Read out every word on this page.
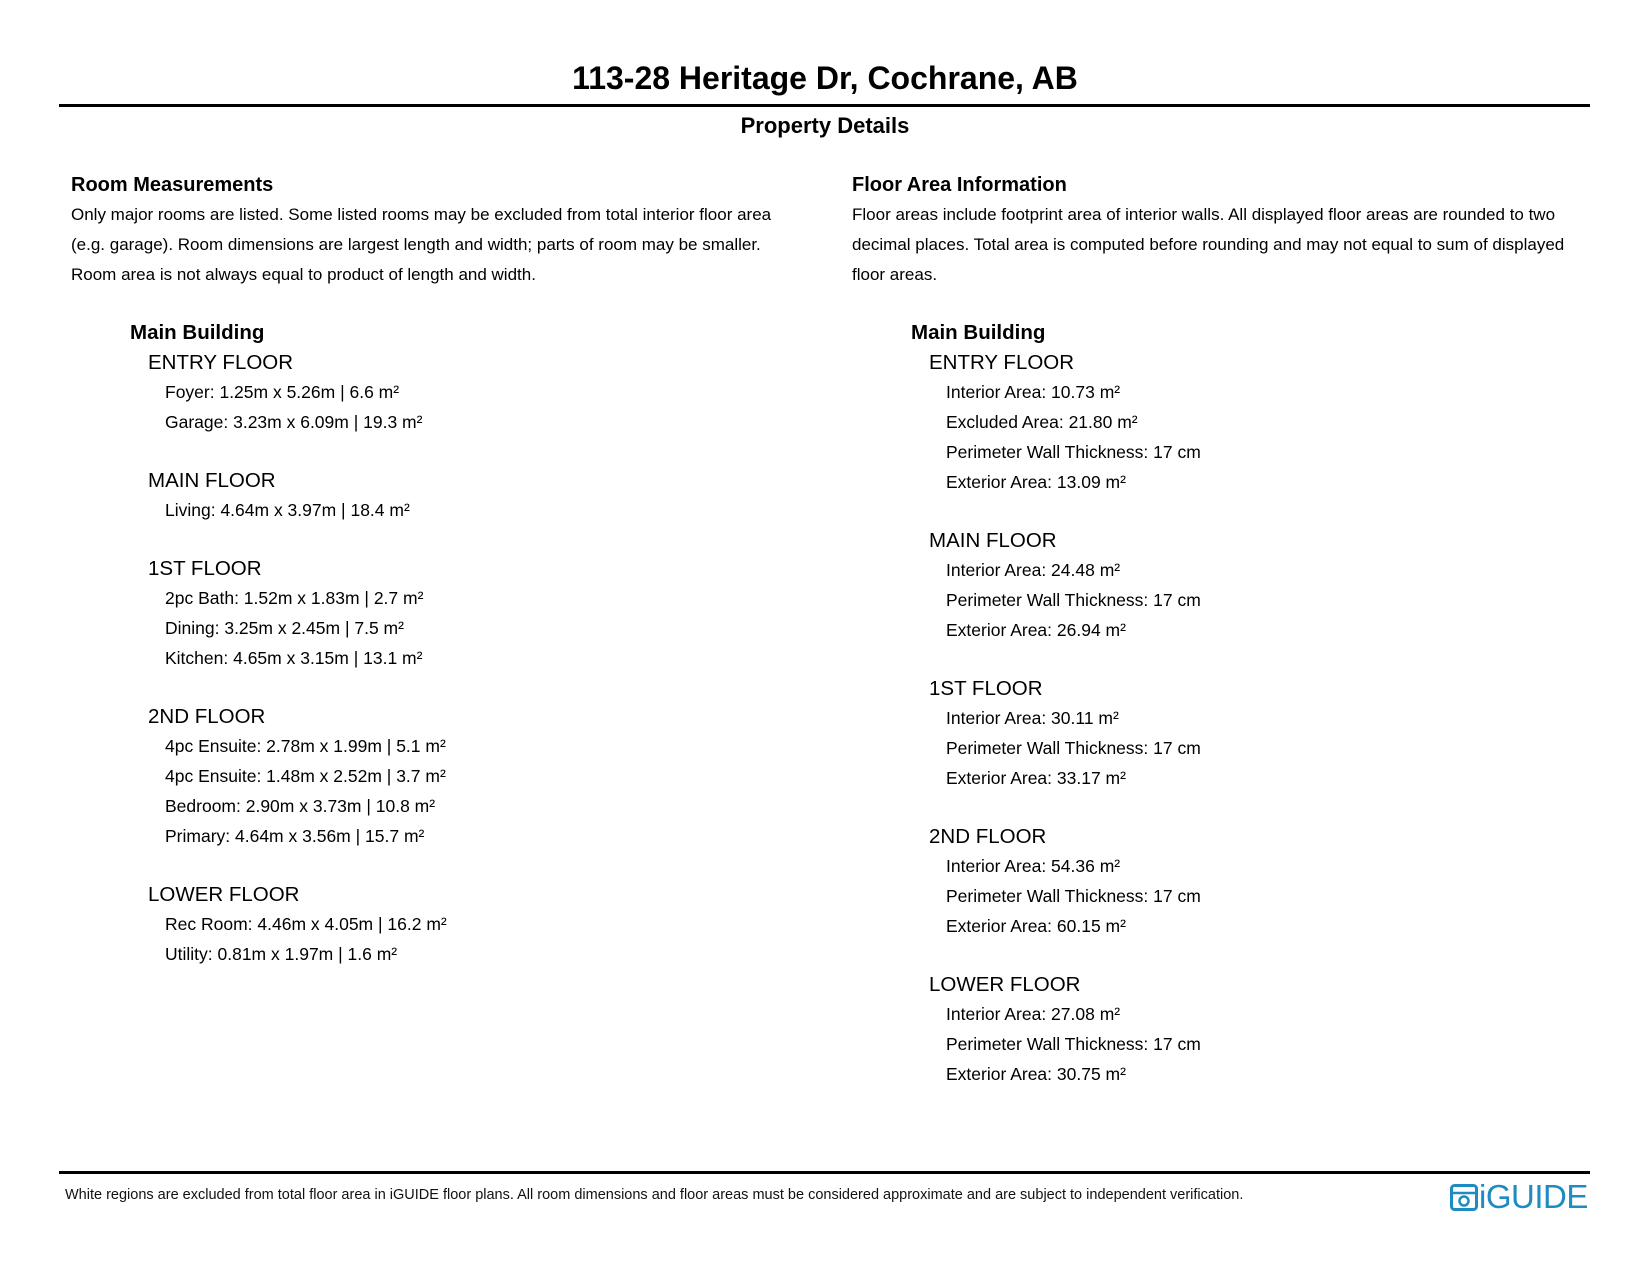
113-28 Heritage Dr, Cochrane, AB
Property Details
Room Measurements
Only major rooms are listed. Some listed rooms may be excluded from total interior floor area
(e.g. garage). Room dimensions are largest length and width; parts of room may be smaller.
Room area is not always equal to product of length and width.
Main Building
ENTRY FLOOR
Foyer: 1.25m x 5.26m | 6.6 m²
Garage: 3.23m x 6.09m | 19.3 m²
MAIN FLOOR
Living: 4.64m x 3.97m | 18.4 m²
1ST FLOOR
2pc Bath: 1.52m x 1.83m | 2.7 m²
Dining: 3.25m x 2.45m | 7.5 m²
Kitchen: 4.65m x 3.15m | 13.1 m²
2ND FLOOR
4pc Ensuite: 2.78m x 1.99m | 5.1 m²
4pc Ensuite: 1.48m x 2.52m | 3.7 m²
Bedroom: 2.90m x 3.73m | 10.8 m²
Primary: 4.64m x 3.56m | 15.7 m²
LOWER FLOOR
Rec Room: 4.46m x 4.05m | 16.2 m²
Utility: 0.81m x 1.97m | 1.6 m²
Floor Area Information
Floor areas include footprint area of interior walls. All displayed floor areas are rounded to two
decimal places. Total area is computed before rounding and may not equal to sum of displayed
floor areas.
Main Building
ENTRY FLOOR
Interior Area: 10.73 m²
Excluded Area: 21.80 m²
Perimeter Wall Thickness: 17 cm
Exterior Area: 13.09 m²
MAIN FLOOR
Interior Area: 24.48 m²
Perimeter Wall Thickness: 17 cm
Exterior Area: 26.94 m²
1ST FLOOR
Interior Area: 30.11 m²
Perimeter Wall Thickness: 17 cm
Exterior Area: 33.17 m²
2ND FLOOR
Interior Area: 54.36 m²
Perimeter Wall Thickness: 17 cm
Exterior Area: 60.15 m²
LOWER FLOOR
Interior Area: 27.08 m²
Perimeter Wall Thickness: 17 cm
Exterior Area: 30.75 m²
White regions are excluded from total floor area in iGUIDE floor plans. All room dimensions and floor areas must be considered approximate and are subject to independent verification.	iGUIDE
